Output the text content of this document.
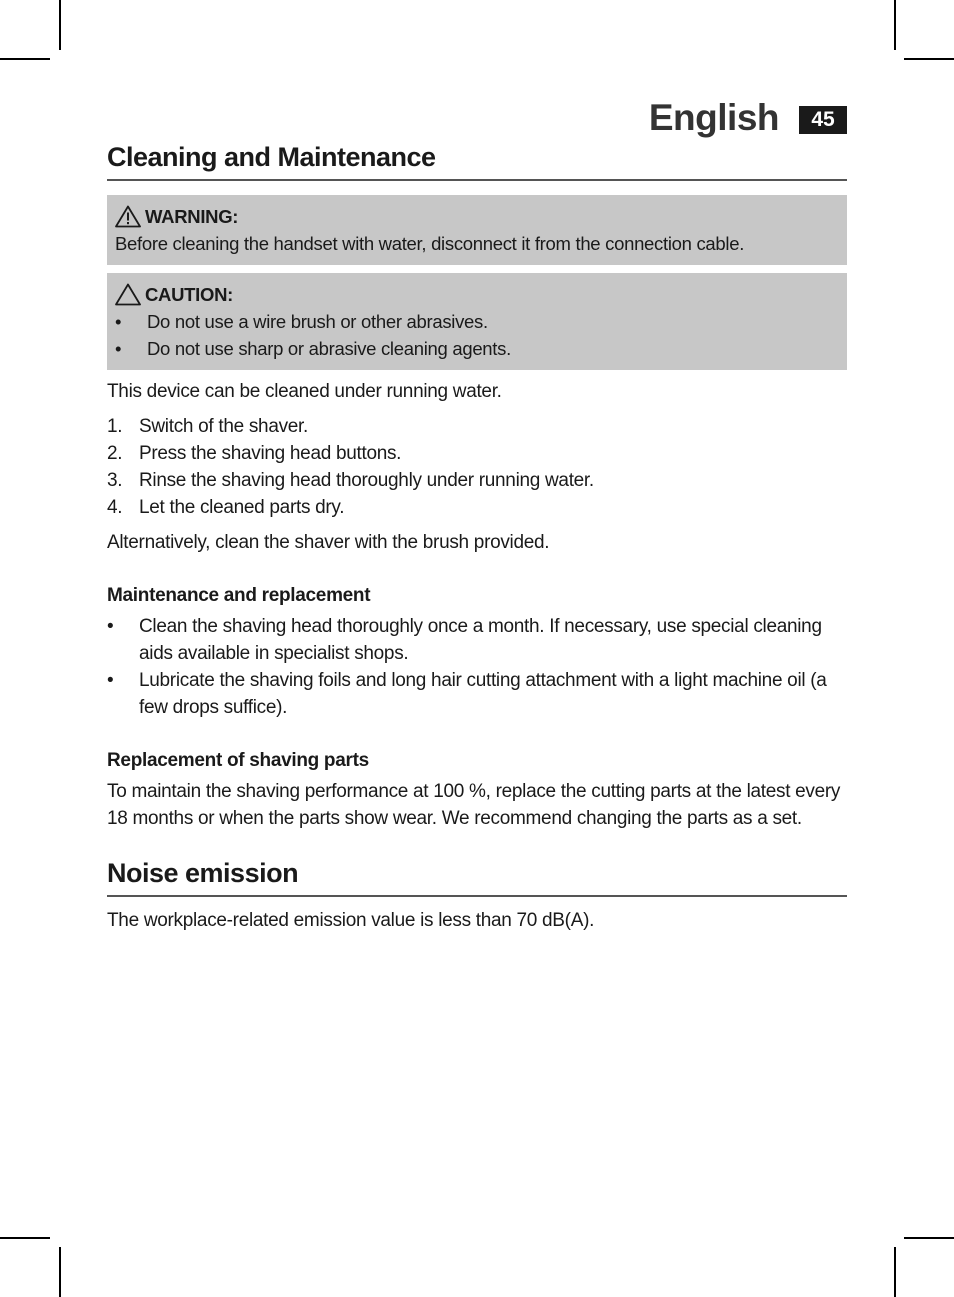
English	45
Cleaning and Maintenance
WARNING:
Before cleaning the handset with water, disconnect it from the connection cable.
CAUTION:
• Do not use a wire brush or other abrasives.
• Do not use sharp or abrasive cleaning agents.

This device can be cleaned under running water.

1. Switch of the shaver.
2. Press the shaving head buttons.
3. Rinse the shaving head thoroughly under running water.
4. Let the cleaned parts dry.

Alternatively, clean the shaver with the brush provided.

Maintenance and replacement
• Clean the shaving head thoroughly once a month. If necessary, use special cleaning aids available in specialist shops.
• Lubricate the shaving foils and long hair cutting attachment with a light machine oil (a few drops suffice).
Replacement of shaving parts

To maintain the shaving performance at 100 %, replace the cutting parts at the latest every 18 months or when the parts show wear. We recommend changing the parts as a set.

Noise emission

The workplace-related emission value is less than 70 dB(A).
